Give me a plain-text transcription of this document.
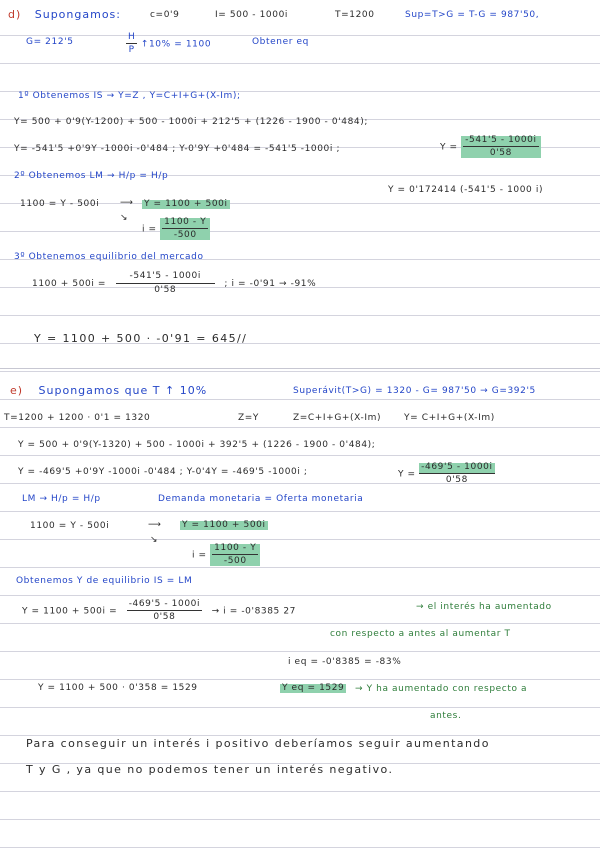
d) Supongamos:	c=0'9	I= 500 - 1000i	T=1200	Sup=T>G = T-G = 987'50,
G= 212'5	$\frac{H}{P}$ ↑10% = 1100	Obtener eq
1º Obtenemos IS → Y=Z , Y=C+I+G+(X-Im);
Y= 500 + 0'9(Y-1200) + 500 - 1000i + 212'5 + (1226 - 1900 - 0'484);
Y= -541'5 +0'9Y -1000i -0'484 ; Y-0'9Y +0'484 = -541'5 -1000i ;	$Y = \frac{-541'5 - 1000i}{0'58}$
2º Obtenemos LM → H/p = H/p
Y = 0'172414 (-541'5 - 1000 i)
1100 = Y - 500i ⟶ Y = 1100 + 500i
↘
$i = \frac{1100 - Y}{-500}$
3º Obtenemos equilibrio del mercado
$1100 + 500i = \frac{-541'5 - 1000i}{0'58}$ ; i = -0'91 → -91%
Y = 1100 + 500 · -0'91 = 645//
e) Supongamos que T ↑ 10%	Superávit(T>G) = 1320 - G= 987'50 → G=392'5
T=1200 + 1200 · 0'1 = 1320	Z=Y	Z=C+I+G+(X-Im)	Y= C+I+G+(X-Im)
Y = 500 + 0'9(Y-1320) + 500 - 1000i + 392'5 + (1226 - 1900 - 0'484);
Y = -469'5 +0'9Y -1000i -0'484 ; Y-0'4Y = -469'5 -1000i ;	$Y = \frac{-469'5 - 1000i}{0'58}$
LM → H/p = H/p	Demanda monetaria = Oferta monetaria
1100 = Y - 500i	⟶ Y = 1100 + 500i
↘
$i = \frac{1100 - Y}{-500}$
Obtenemos Y de equilibrio IS = LM
$Y = 1100 + 500i = \frac{-469'5 - 1000i}{0'58} \to i = -0'8385$ 27	→ el interés ha aumentado
con respecto a antes al aumentar T
i eq = -0'8385 = -83%
Y = 1100 + 500 · 0'358 = 1529	Y eq = 1529 → Y ha aumentado con respecto a
antes.
Para conseguir un interés i positivo deberíamos seguir aumentando
T y G , ya que no podemos tener un interés negativo.
